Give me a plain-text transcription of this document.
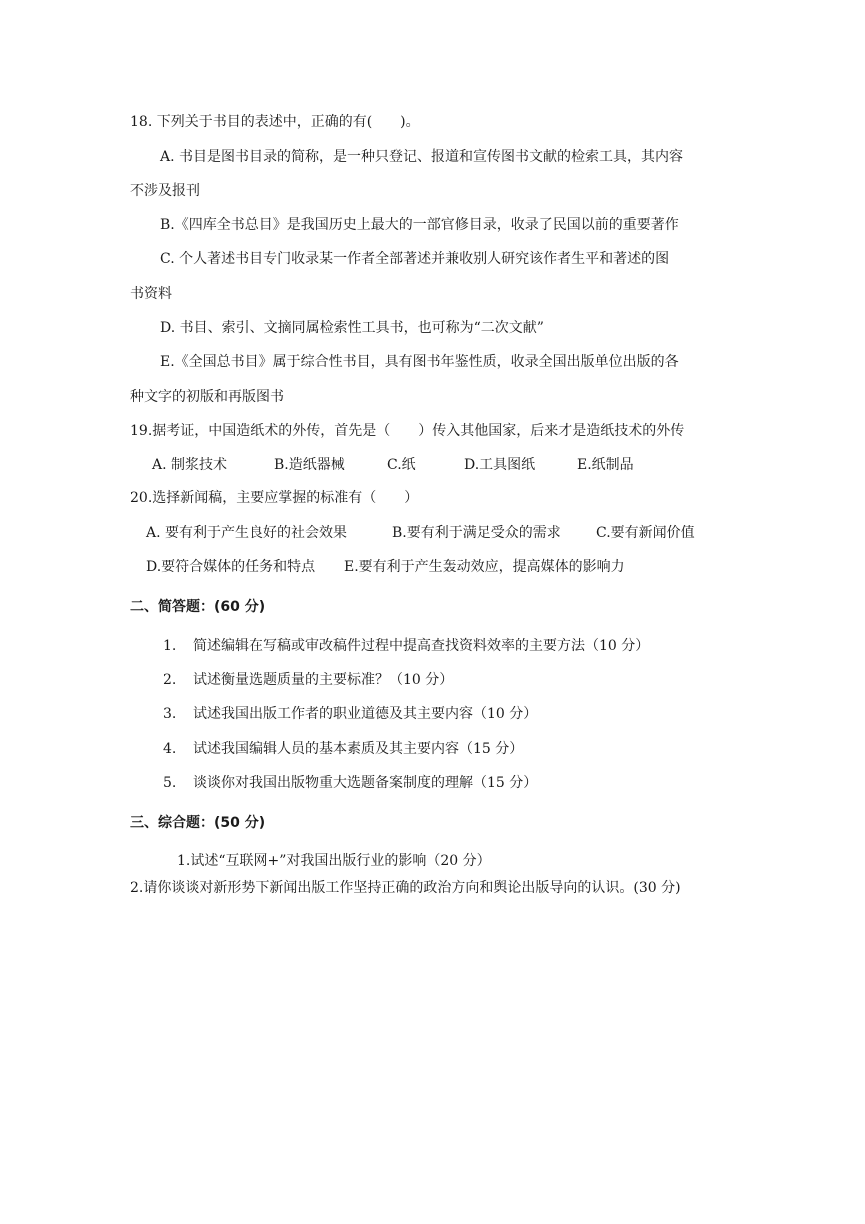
18. 下列关于书目的表述中，正确的有(　　)。
A. 书目是图书目录的简称，是一种只登记、报道和宣传图书文献的检索工具，其内容
不涉及报刊
B.《四库全书总目》是我国历史上最大的一部官修目录，收录了民国以前的重要著作
C. 个人著述书目专门收录某一作者全部著述并兼收别人研究该作者生平和著述的图
书资料
D. 书目、索引、文摘同属检索性工具书，也可称为“二次文献”
E.《全国总书目》属于综合性书目，具有图书年鉴性质，收录全国出版单位出版的各
种文字的初版和再版图书
19.据考证，中国造纸术的外传，首先是（　　）传入其他国家，后来才是造纸技术的外传
A. 制浆技术	B.造纸器械	C.纸	D.工具图纸	E.纸制品
20.选择新闻稿，主要应掌握的标准有（　　）
A. 要有利于产生良好的社会效果	B.要有利于满足受众的需求	C.要有新闻价值
D.要符合媒体的任务和特点 E.要有利于产生轰动效应，提高媒体的影响力
二、简答题：(60 分)
1. 简述编辑在写稿或审改稿件过程中提高查找资料效率的主要方法（10 分）
2. 试述衡量选题质量的主要标准？（10 分）
3. 试述我国出版工作者的职业道德及其主要内容（10 分）
4. 试述我国编辑人员的基本素质及其主要内容（15 分）
5. 谈谈你对我国出版物重大选题备案制度的理解（15 分）
三、综合题：(50 分)
1.试述“互联网+”对我国出版行业的影响（20 分）
2.请你谈谈对新形势下新闻出版工作坚持正确的政治方向和舆论出版导向的认识。(30 分)
